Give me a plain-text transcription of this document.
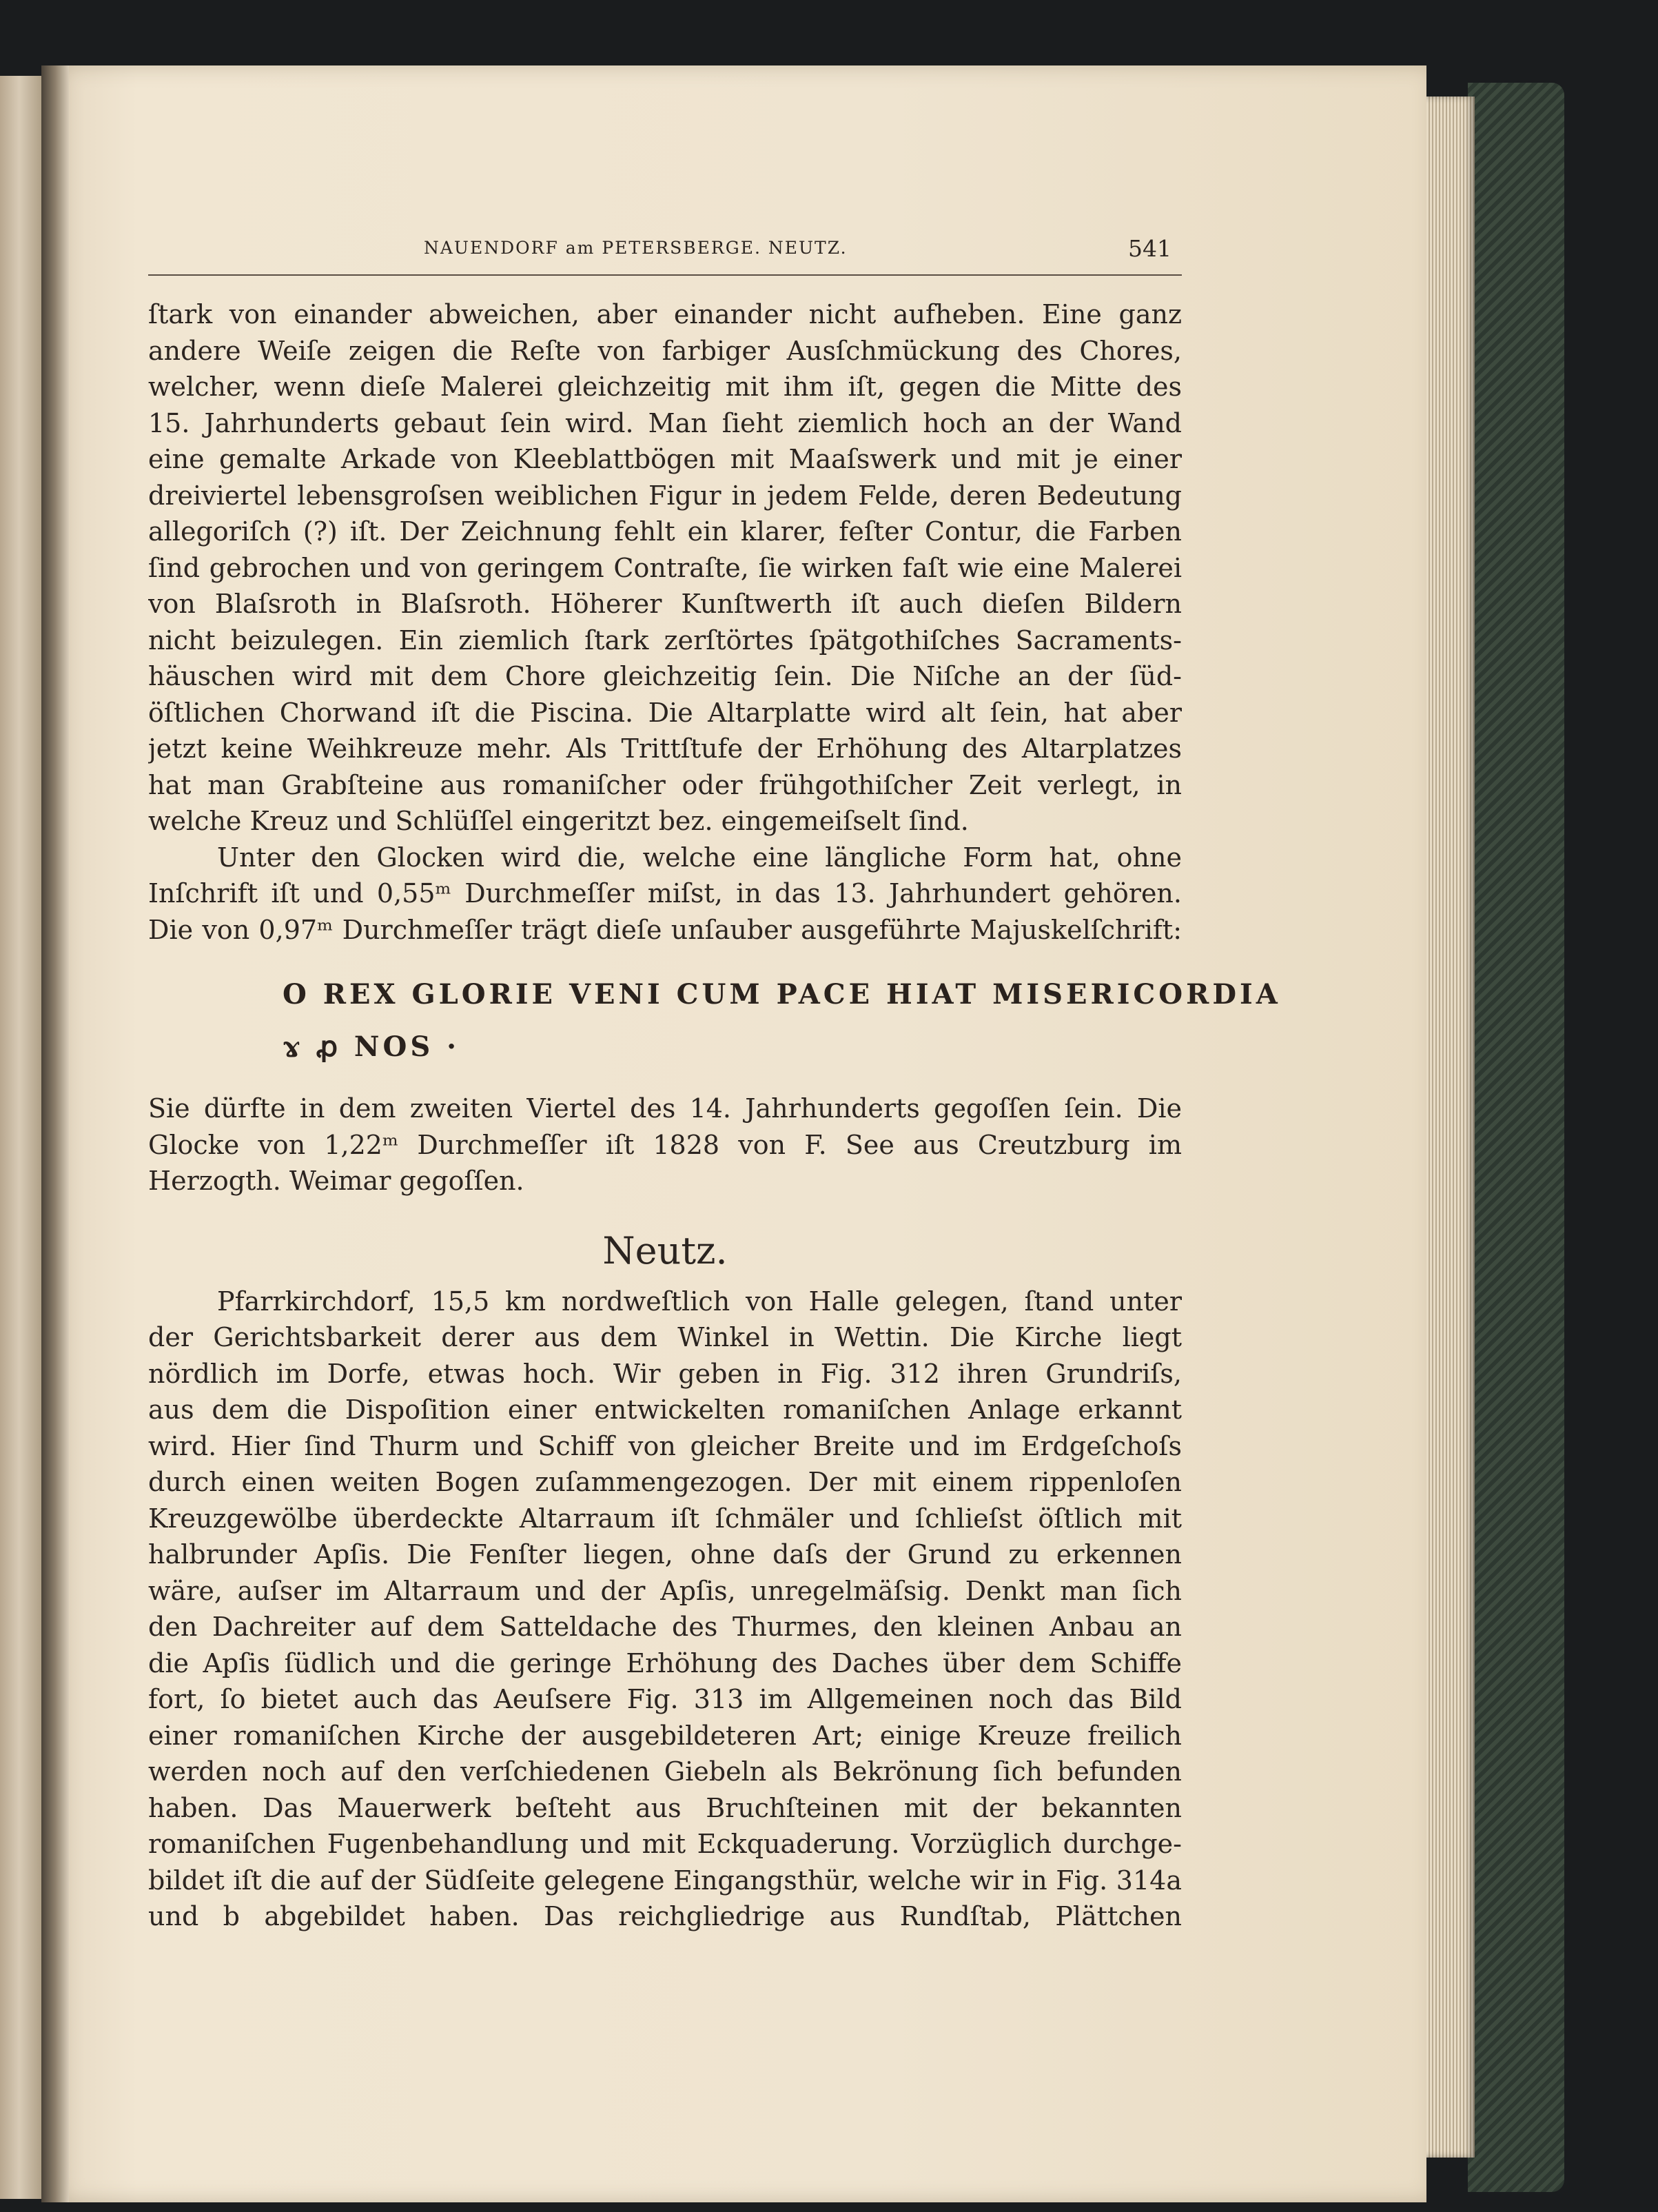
NAUENDORF am PETERSBERGE. NEUTZ.	541
ſtark von einander abweichen, aber einander nicht aufheben. Eine ganz
andere Weiſe zeigen die Reſte von farbiger Ausſchmückung des Chores,
welcher, wenn dieſe Malerei gleichzeitig mit ihm iſt, gegen die Mitte des
15. Jahrhunderts gebaut ſein wird. Man ſieht ziemlich hoch an der Wand
eine gemalte Arkade von Kleeblattbögen mit Maaſswerk und mit je einer
dreiviertel lebensgroſsen weiblichen Figur in jedem Felde, deren Bedeutung
allegoriſch (?) iſt. Der Zeichnung fehlt ein klarer, feſter Contur, die Farben
ſind gebrochen und von geringem Contraſte, ſie wirken faſt wie eine Malerei
von Blaſsroth in Blaſsroth. Höherer Kunſtwerth iſt auch dieſen Bildern
nicht beizulegen. Ein ziemlich ſtark zerſtörtes ſpätgothiſches Sacraments-
häuschen wird mit dem Chore gleichzeitig ſein. Die Niſche an der ſüd-
öſtlichen Chorwand iſt die Piscina. Die Altarplatte wird alt ſein, hat aber
jetzt keine Weihkreuze mehr. Als Trittſtufe der Erhöhung des Altarplatzes
hat man Grabſteine aus romaniſcher oder frühgothiſcher Zeit verlegt, in
welche Kreuz und Schlüſſel eingeritzt bez. eingemeiſselt ſind.
Unter den Glocken wird die, welche eine längliche Form hat, ohne
Inſchrift iſt und 0,55ᵐ Durchmeſſer miſst, in das 13. Jahrhundert gehören.
Die von 0,97ᵐ Durchmeſſer trägt dieſe unſauber ausgeführte Majuskelſchrift:
O REX GLORIE VENI CUM PACE HIAT MISERICORDIA
ɤ ꝓ NOS ·
Sie dürfte in dem zweiten Viertel des 14. Jahrhunderts gegoſſen ſein. Die
Glocke von 1,22ᵐ Durchmeſſer iſt 1828 von F. See aus Creutzburg im
Herzogth. Weimar gegoſſen.
Neutz.
Pfarrkirchdorf, 15,5 km nordweſtlich von Halle gelegen, ſtand unter
der Gerichtsbarkeit derer aus dem Winkel in Wettin. Die Kirche liegt
nördlich im Dorfe, etwas hoch. Wir geben in Fig. 312 ihren Grundriſs,
aus dem die Dispoſition einer entwickelten romaniſchen Anlage erkannt
wird. Hier ſind Thurm und Schiff von gleicher Breite und im Erdgeſchoſs
durch einen weiten Bogen zuſammengezogen. Der mit einem rippenloſen
Kreuzgewölbe überdeckte Altarraum iſt ſchmäler und ſchlieſst öſtlich mit
halbrunder Apſis. Die Fenſter liegen, ohne daſs der Grund zu erkennen
wäre, auſser im Altarraum und der Apſis, unregelmäſsig. Denkt man ſich
den Dachreiter auf dem Satteldache des Thurmes, den kleinen Anbau an
die Apſis ſüdlich und die geringe Erhöhung des Daches über dem Schiffe
fort, ſo bietet auch das Aeuſsere Fig. 313 im Allgemeinen noch das Bild
einer romaniſchen Kirche der ausgebildeteren Art; einige Kreuze freilich
werden noch auf den verſchiedenen Giebeln als Bekrönung ſich befunden
haben. Das Mauerwerk beſteht aus Bruchſteinen mit der bekannten
romaniſchen Fugenbehandlung und mit Eckquaderung. Vorzüglich durchge-
bildet iſt die auf der Südſeite gelegene Eingangsthür, welche wir in Fig. 314a
und b abgebildet haben. Das reichgliedrige aus Rundſtab, Plättchen
